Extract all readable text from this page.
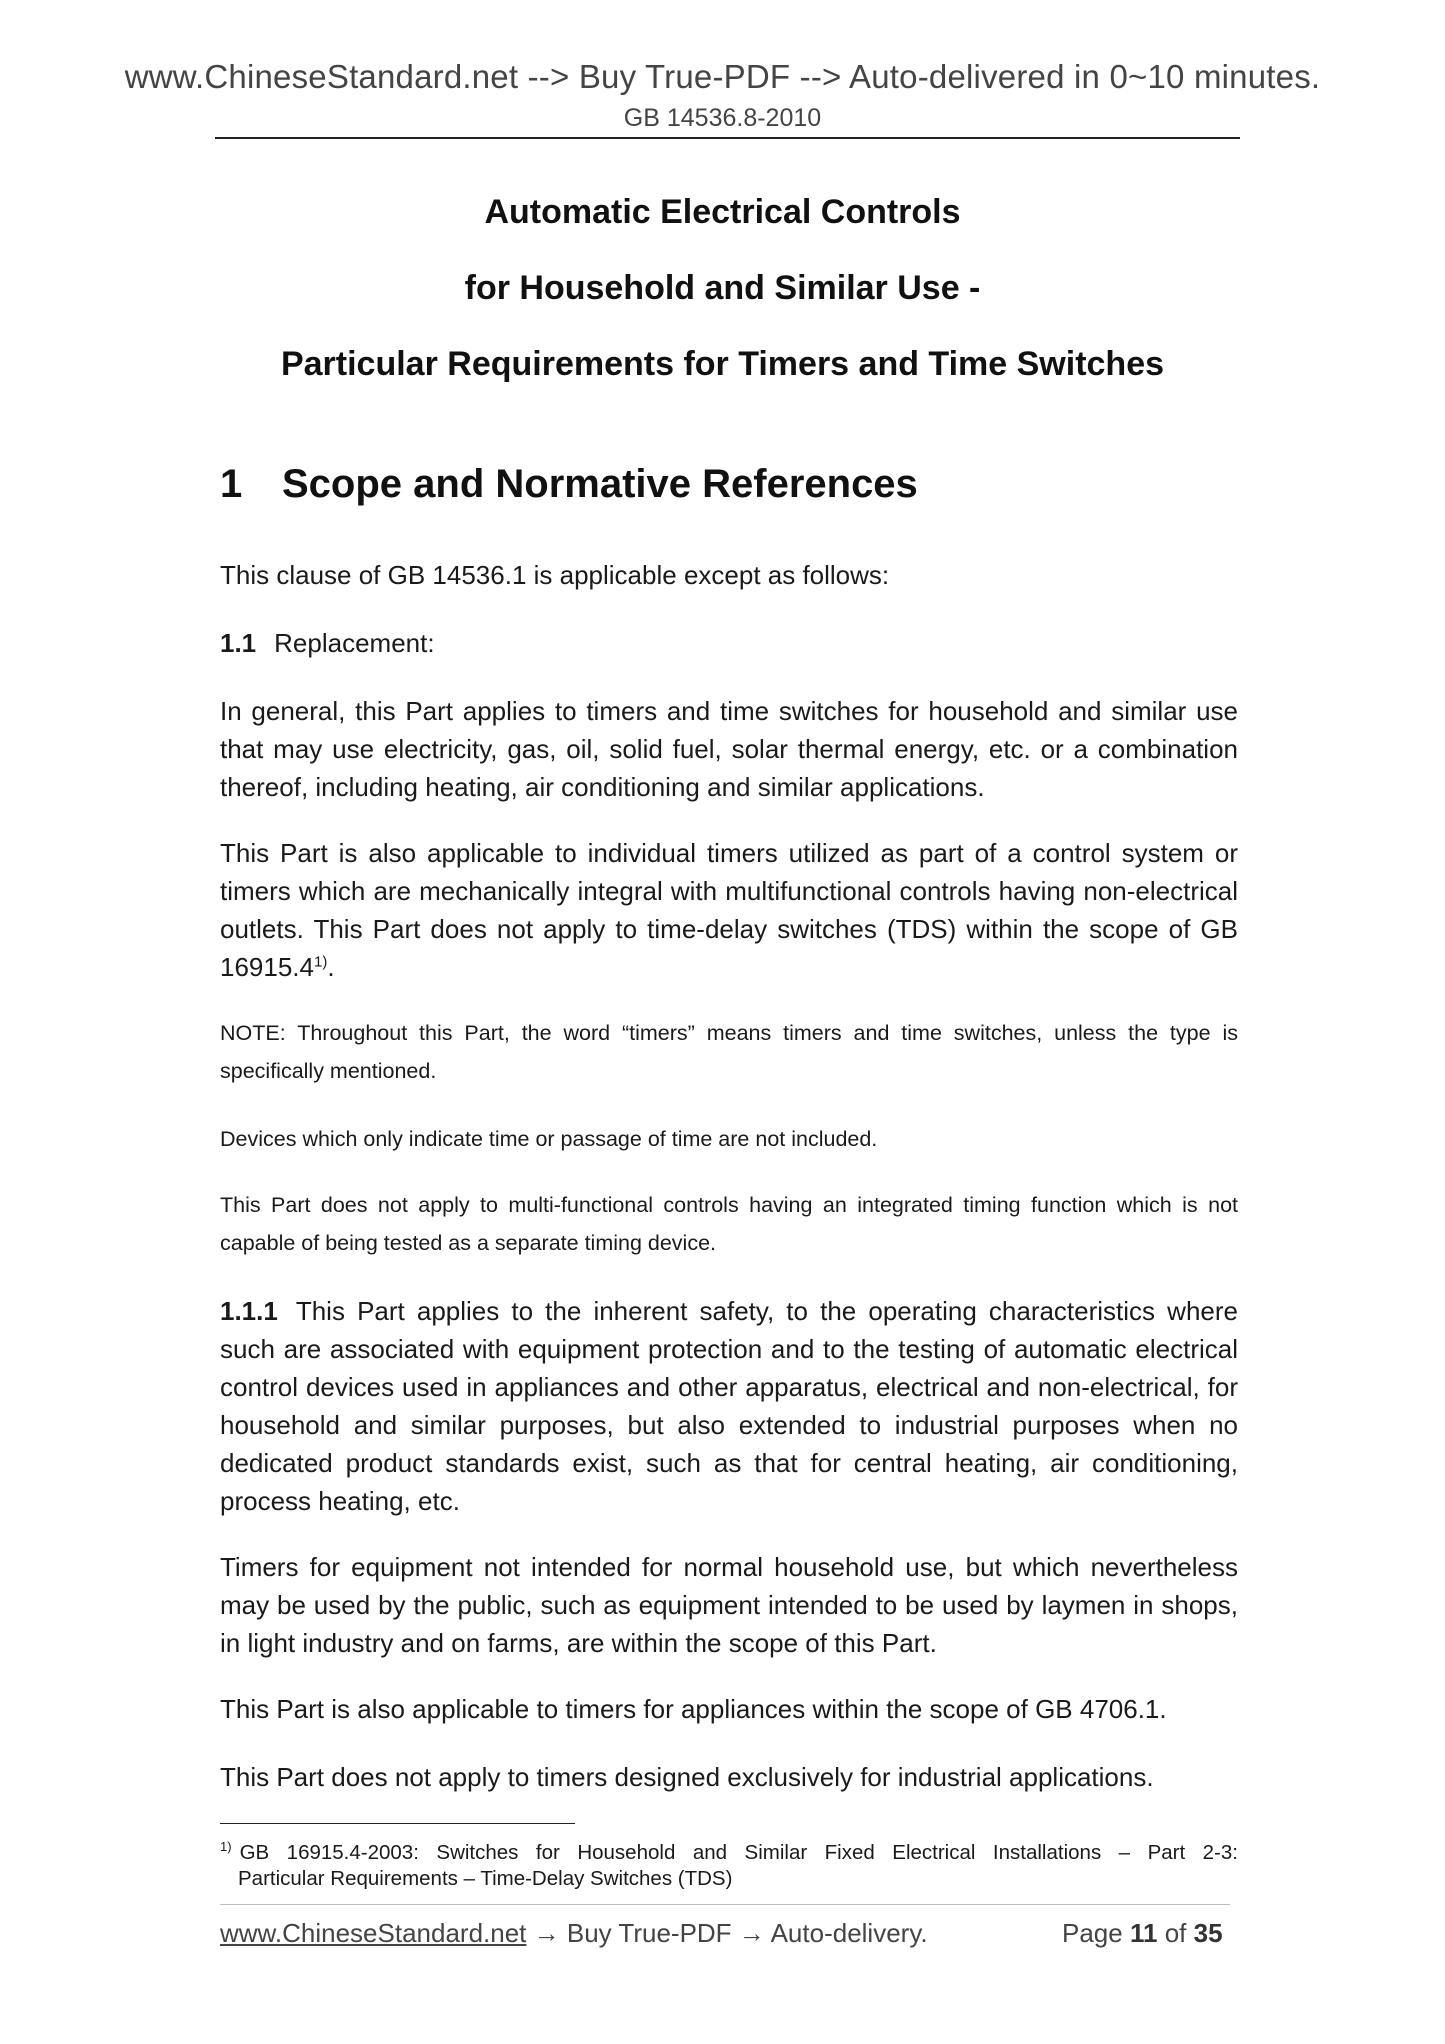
www.ChineseStandard.net --> Buy True-PDF --> Auto-delivered in 0~10 minutes.
GB 14536.8-2010
Automatic Electrical Controls
for Household and Similar Use -
Particular Requirements for Timers and Time Switches
1 Scope and Normative References
This clause of GB 14536.1 is applicable except as follows:
1.1 Replacement:
In general, this Part applies to timers and time switches for household and similar use that may use electricity, gas, oil, solid fuel, solar thermal energy, etc. or a combination thereof, including heating, air conditioning and similar applications.
This Part is also applicable to individual timers utilized as part of a control system or timers which are mechanically integral with multifunctional controls having non-electrical outlets. This Part does not apply to time-delay switches (TDS) within the scope of GB 16915.4$^{1)}$.
NOTE: Throughout this Part, the word “timers” means timers and time switches, unless the type is specifically mentioned.
Devices which only indicate time or passage of time are not included.
This Part does not apply to multi-functional controls having an integrated timing function which is not capable of being tested as a separate timing device.
1.1.1 This Part applies to the inherent safety, to the operating characteristics where such are associated with equipment protection and to the testing of automatic electrical control devices used in appliances and other apparatus, electrical and non-electrical, for household and similar purposes, but also extended to industrial purposes when no dedicated product standards exist, such as that for central heating, air conditioning, process heating, etc.
Timers for equipment not intended for normal household use, but which nevertheless may be used by the public, such as equipment intended to be used by laymen in shops, in light industry and on farms, are within the scope of this Part.
This Part is also applicable to timers for appliances within the scope of GB 4706.1.
This Part does not apply to timers designed exclusively for industrial applications.
$^{1)}$ GB 16915.4-2003: Switches for Household and Similar Fixed Electrical Installations – Part 2-3:
Particular Requirements – Time-Delay Switches (TDS)
www.ChineseStandard.net → Buy True-PDF → Auto-delivery.	Page 11 of 35
